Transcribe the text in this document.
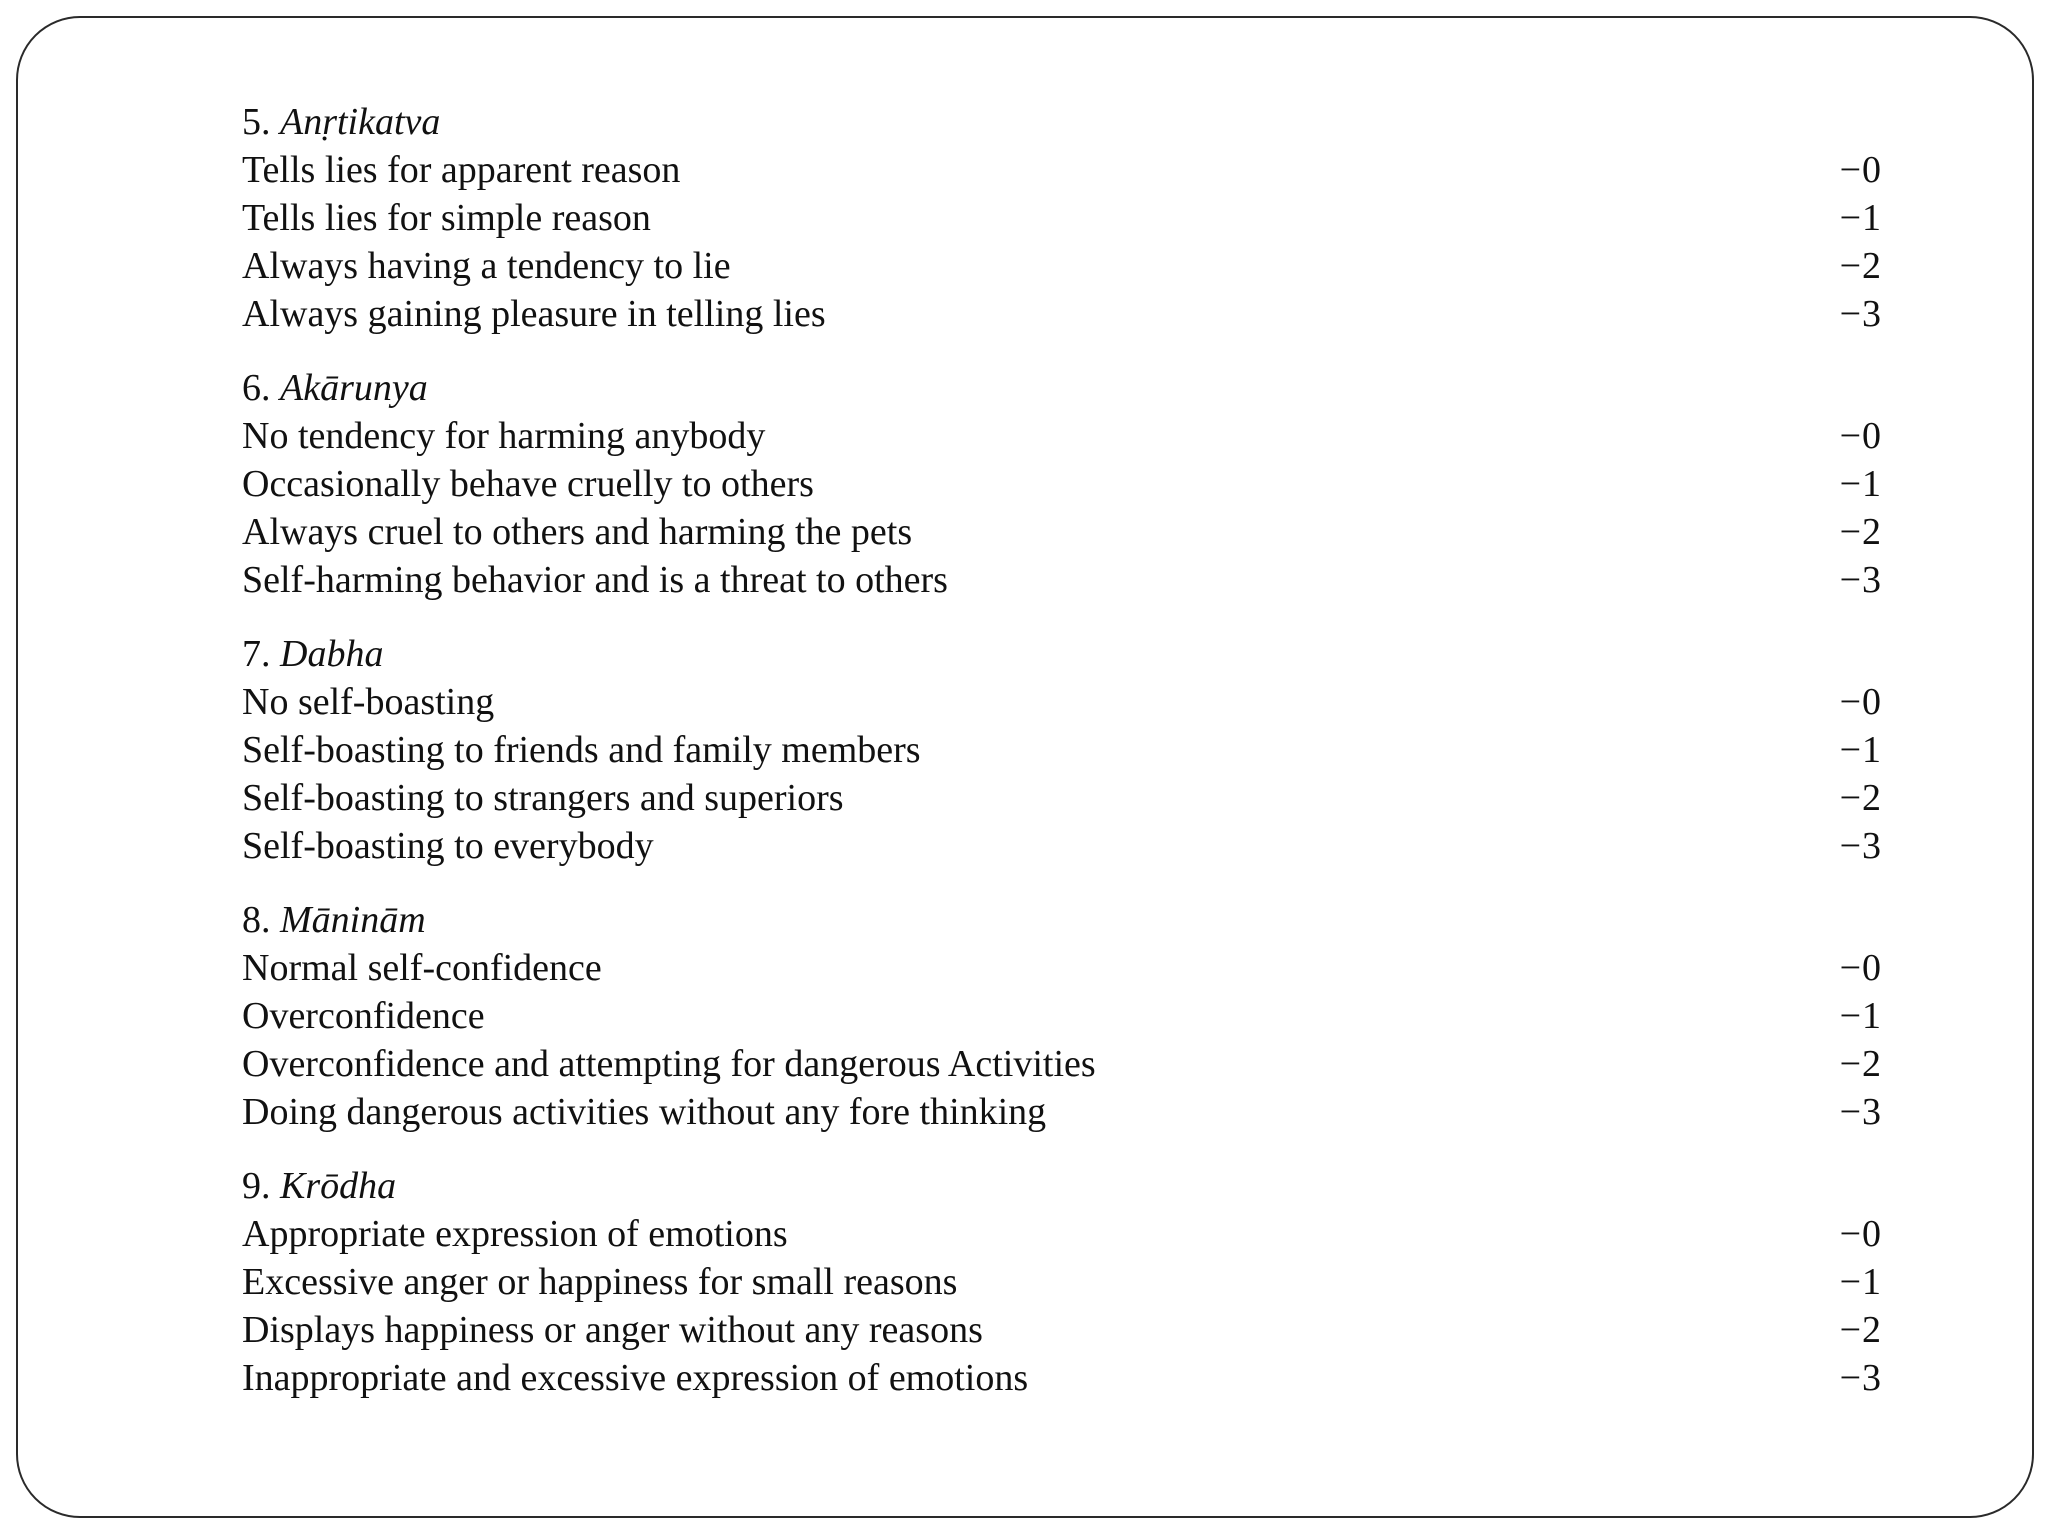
5. Anṛtikatva
Tells lies for apparent reason	−0
Tells lies for simple reason	−1
Always having a tendency to lie	−2
Always gaining pleasure in telling lies	−3
6. Akārunya
No tendency for harming anybody	−0
Occasionally behave cruelly to others	−1
Always cruel to others and harming the pets	−2
Self-harming behavior and is a threat to others	−3
7. Dabha
No self-boasting	−0
Self-boasting to friends and family members	−1
Self-boasting to strangers and superiors	−2
Self-boasting to everybody	−3
8. Māninām
Normal self-confidence	−0
Overconfidence	−1
Overconfidence and attempting for dangerous Activities	−2
Doing dangerous activities without any fore thinking	−3
9. Krōdha
Appropriate expression of emotions	−0
Excessive anger or happiness for small reasons	−1
Displays happiness or anger without any reasons	−2
Inappropriate and excessive expression of emotions	−3
